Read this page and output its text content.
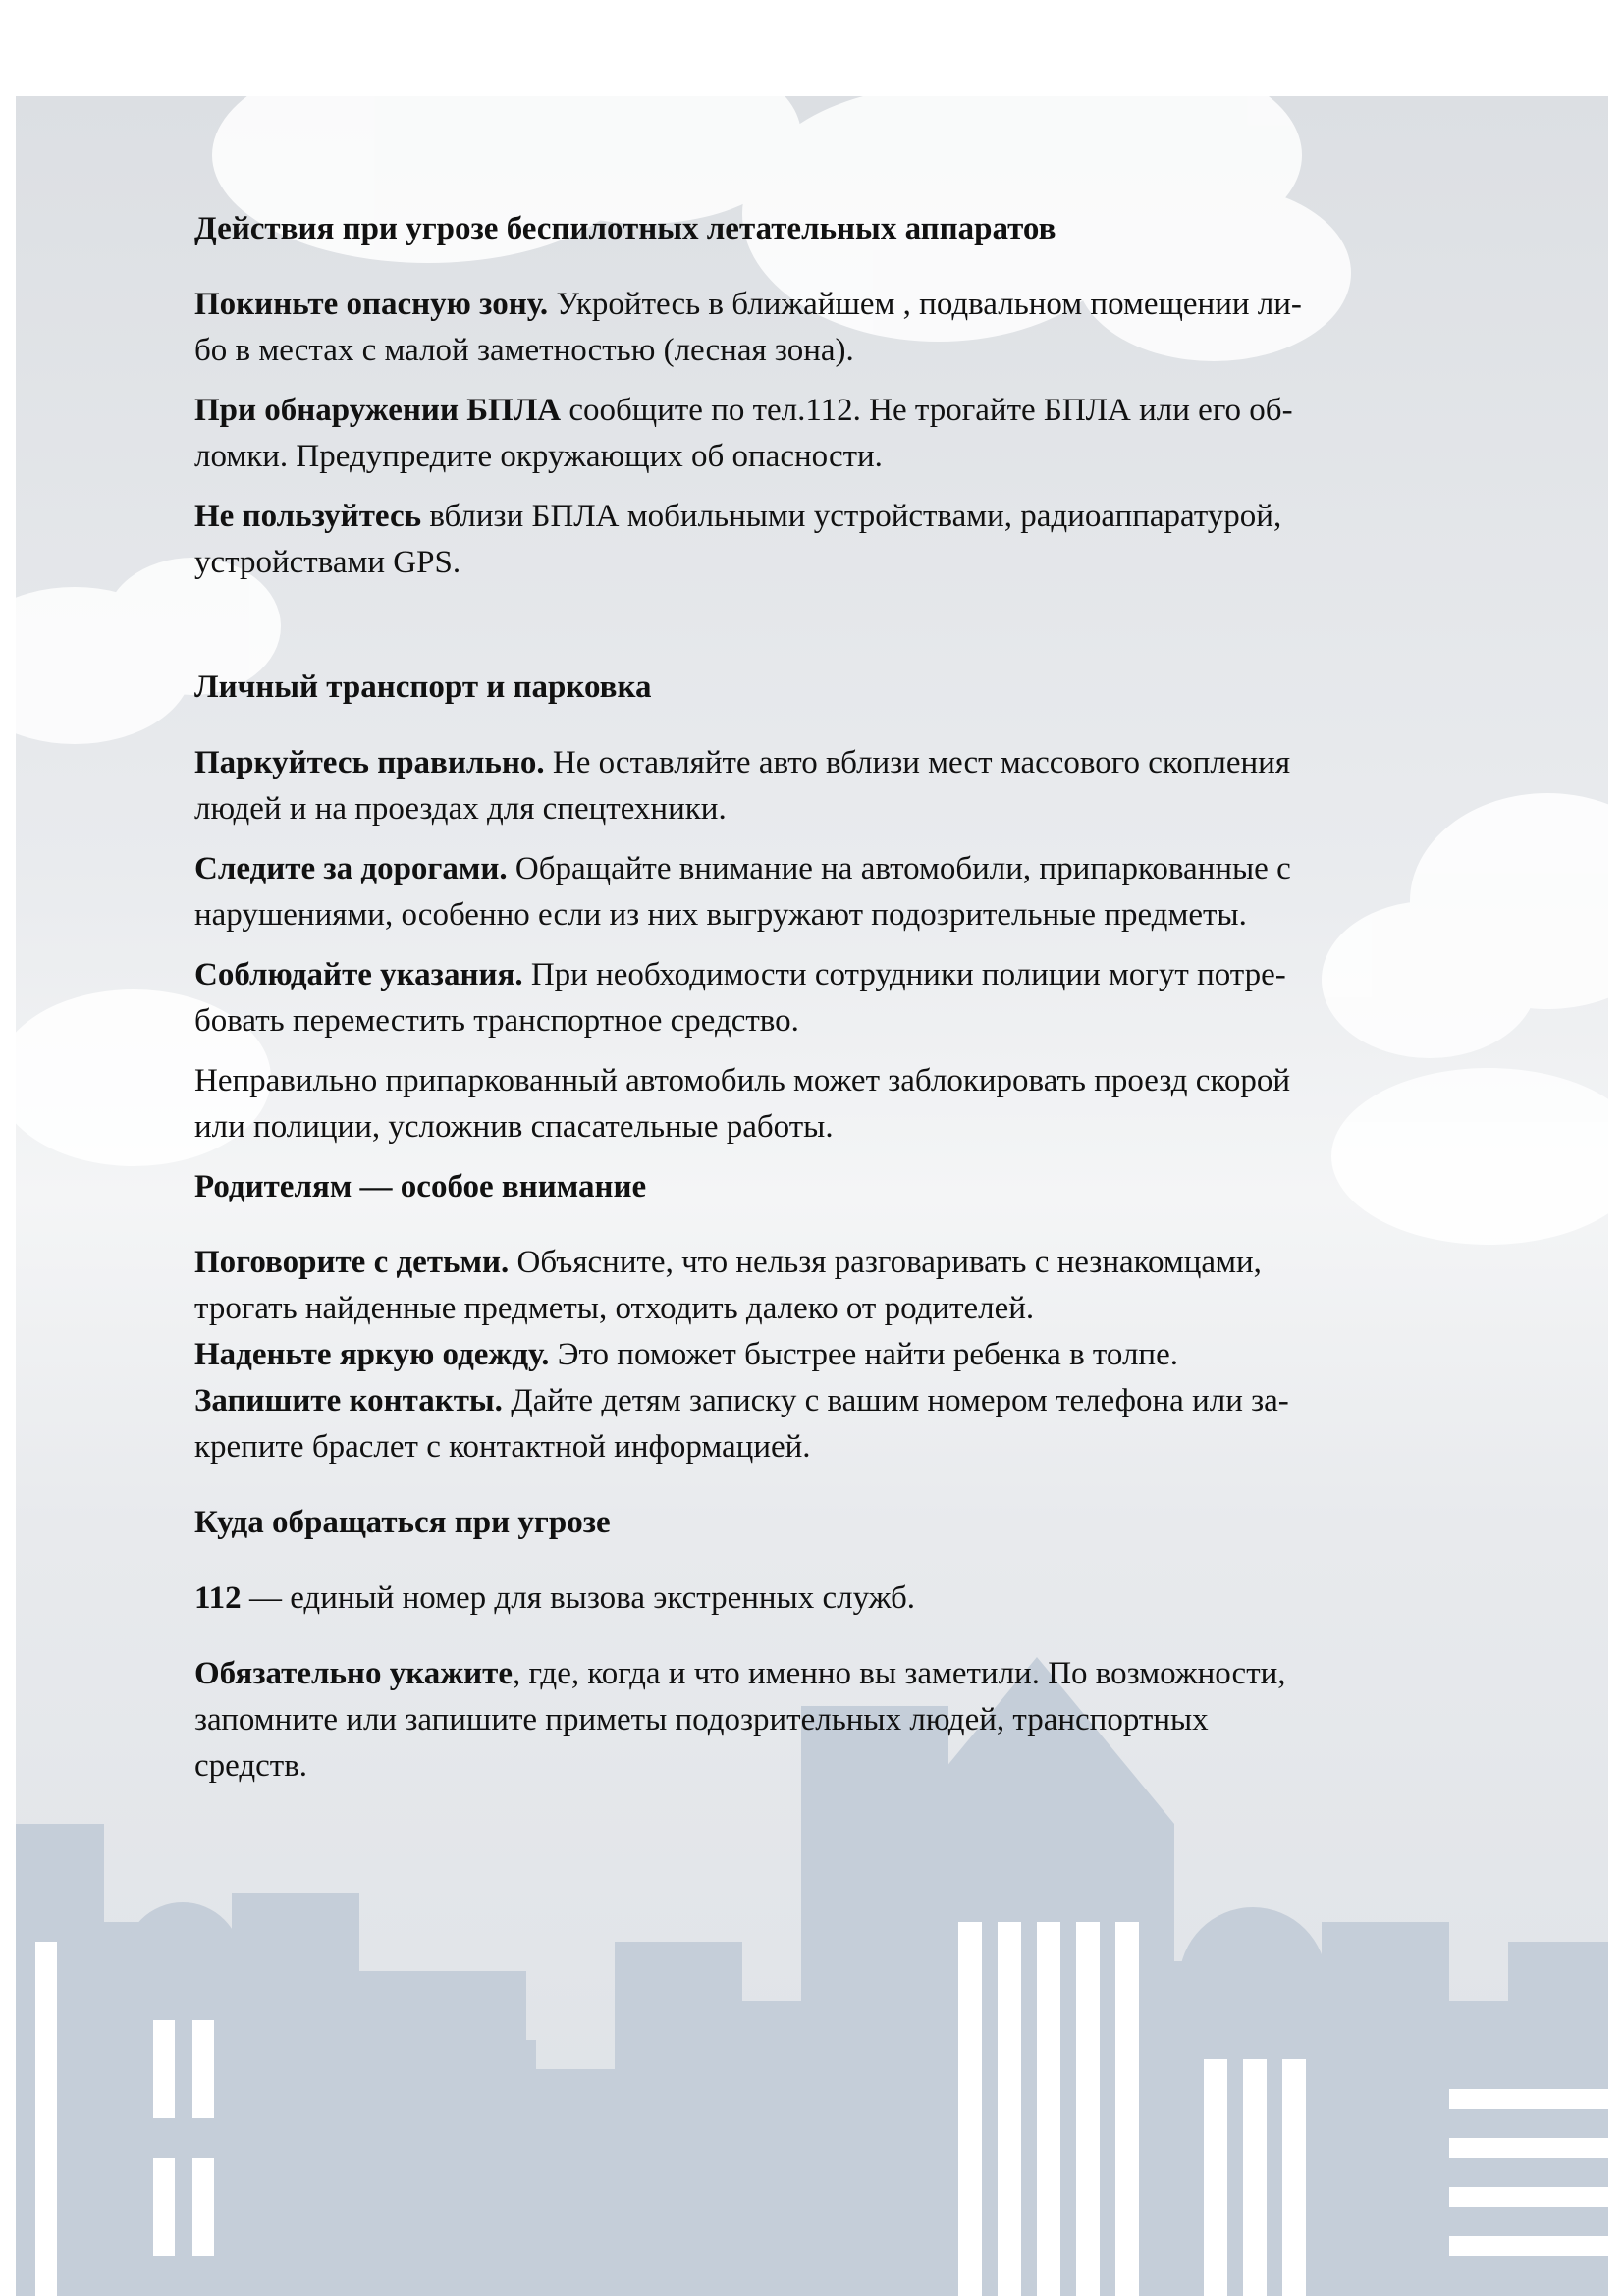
Действия при угрозе беспилотных летательных аппаратов

Покиньте опасную зону. Укройтесь в ближайшем , подвальном помещении ли-
бо в местах с малой заметностью (лесная зона).

При обнаружении БПЛА сообщите по тел.112. Не трогайте БПЛА или его об-
ломки. Предупредите окружающих об опасности.

Не пользуйтесь вблизи БПЛА мобильными устройствами, радиоаппаратурой,
устройствами GPS.

Личный транспорт и парковка

Паркуйтесь правильно. Не оставляйте авто вблизи мест массового скопления
людей и на проездах для спецтехники.

Следите за дорогами. Обращайте внимание на автомобили, припаркованные с
нарушениями, особенно если из них выгружают подозрительные предметы.

Соблюдайте указания. При необходимости сотрудники полиции могут потре-
бовать переместить транспортное средство.

Неправильно припаркованный автомобиль может заблокировать проезд скорой
или полиции, усложнив спасательные работы.

Родителям — особое внимание

Поговорите с детьми. Объясните, что нельзя разговаривать с незнакомцами,
трогать найденные предметы, отходить далеко от родителей.

Наденьте яркую одежду. Это поможет быстрее найти ребенка в толпе.

Запишите контакты. Дайте детям записку с вашим номером телефона или за-
крепите браслет с контактной информацией.

Куда обращаться при угрозе

112 — единый номер для вызова экстренных служб.

Обязательно укажите, где, когда и что именно вы заметили. По возможности,
запомните или запишите приметы подозрительных людей, транспортных
средств.
